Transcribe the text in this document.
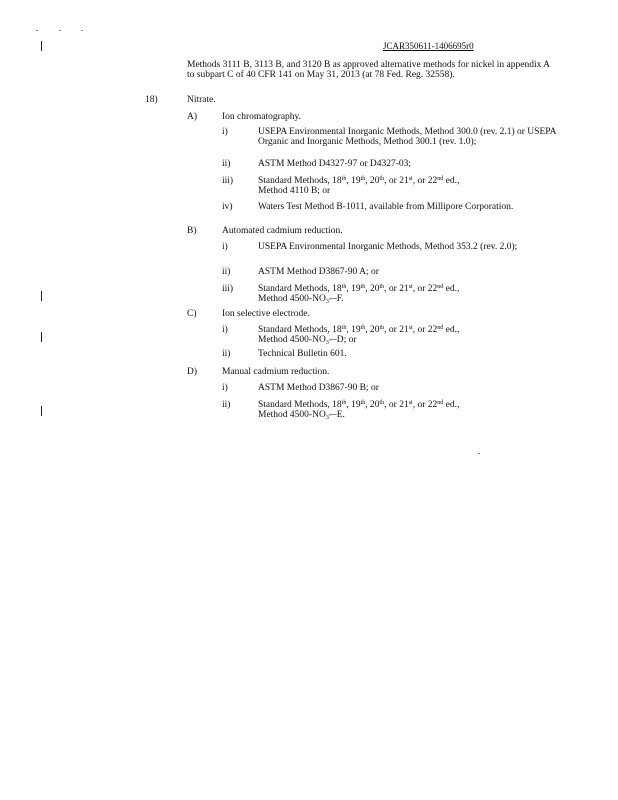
JCAR350611-1406695r0
Methods 3111 B, 3113 B, and 3120 B as approved alternative methods for nickel in appendix A to subpart C of 40 CFR 141 on May 31, 2013 (at 78 Fed. Reg. 32558).
18)	Nitrate.
A)	Ion chromatography.
i)	USEPA Environmental Inorganic Methods, Method 300.0 (rev. 2.1) or USEPA Organic and Inorganic Methods, Method 300.1 (rev. 1.0);
ii)	ASTM Method D4327-97 or D4327-03;
iii)	Standard Methods, 18th, 19th, 20th, or 21st, or 22nd ed.,
Method 4110 B; or
iv)	Waters Test Method B-1011, available from Millipore Corporation.
B)	Automated cadmium reduction.
i)	USEPA Environmental Inorganic Methods, Method 353.2 (rev. 2.0);
ii)	ASTM Method D3867-90 A; or
iii)	Standard Methods, 18th, 19th, 20th, or 21st, or 22nd ed.,
Method $4500-NO_3--F$.
C)	Ion selective electrode.
i)	Standard Methods, 18th, 19th, 20th, or 21st, or 22nd ed.,
Method $4500-NO_3--D$; or
ii)	Technical Bulletin 601.
D)	Manual cadmium reduction.
i)	ASTM Method D3867-90 B; or
ii)	Standard Methods, 18th, 19th, 20th, or 21st, or 22nd ed.,
Method $4500-NO_3--E$.
